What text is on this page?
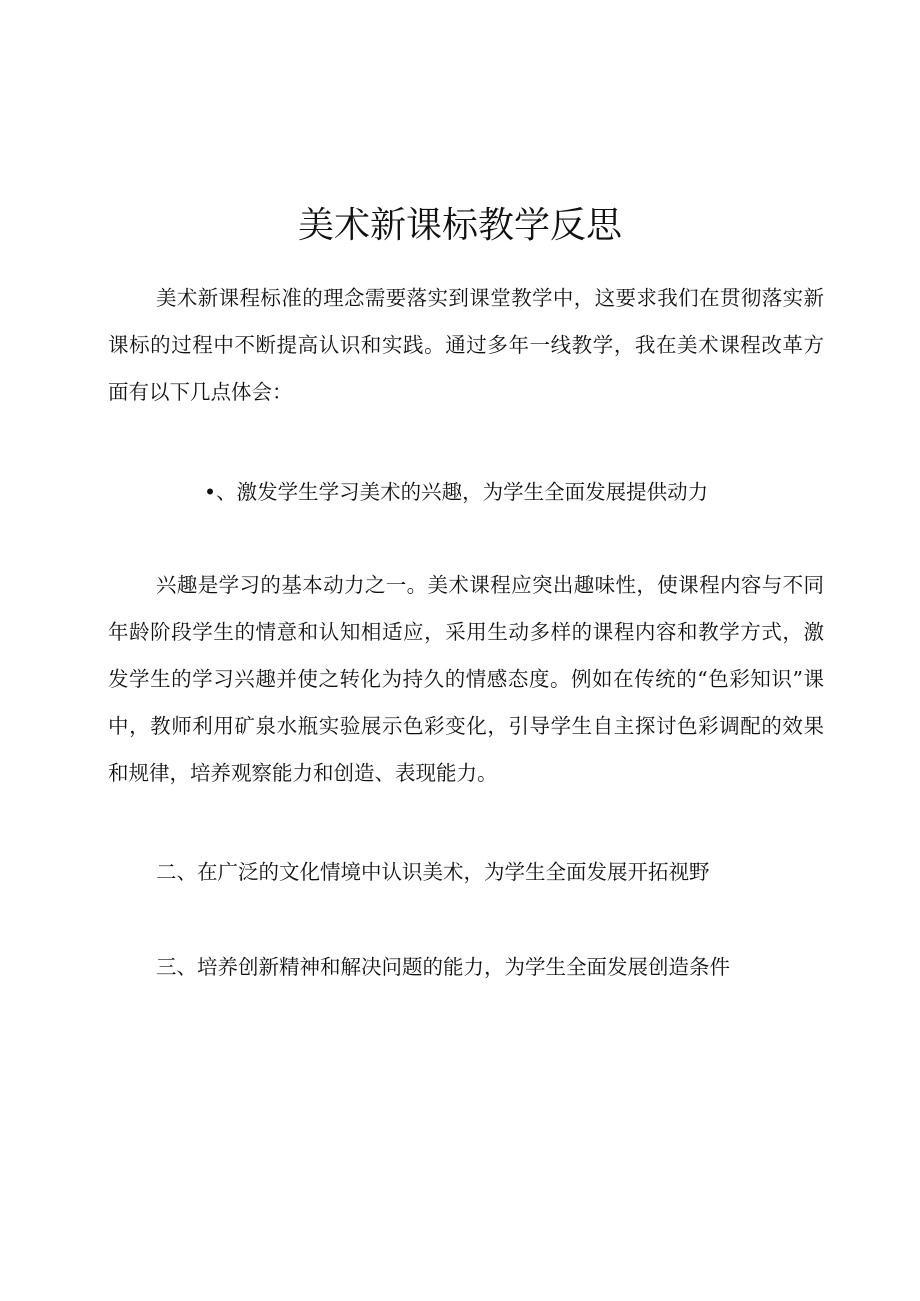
美术新课标教学反思

美术新课程标准的理念需要落实到课堂教学中，这要求我们在贯彻落实新课标的过程中不断提高认识和实践。通过多年一线教学，我在美术课程改革方面有以下几点体会：

•、激发学生学习美术的兴趣，为学生全面发展提供动力

兴趣是学习的基本动力之一。美术课程应突出趣味性，使课程内容与不同年龄阶段学生的情意和认知相适应，采用生动多样的课程内容和教学方式，激发学生的学习兴趣并使之转化为持久的情感态度。例如在传统的“色彩知识”课中，教师利用矿泉水瓶实验展示色彩变化，引导学生自主探讨色彩调配的效果和规律，培养观察能力和创造、表现能力。

二、在广泛的文化情境中认识美术，为学生全面发展开拓视野

三、培养创新精神和解决问题的能力，为学生全面发展创造条件
